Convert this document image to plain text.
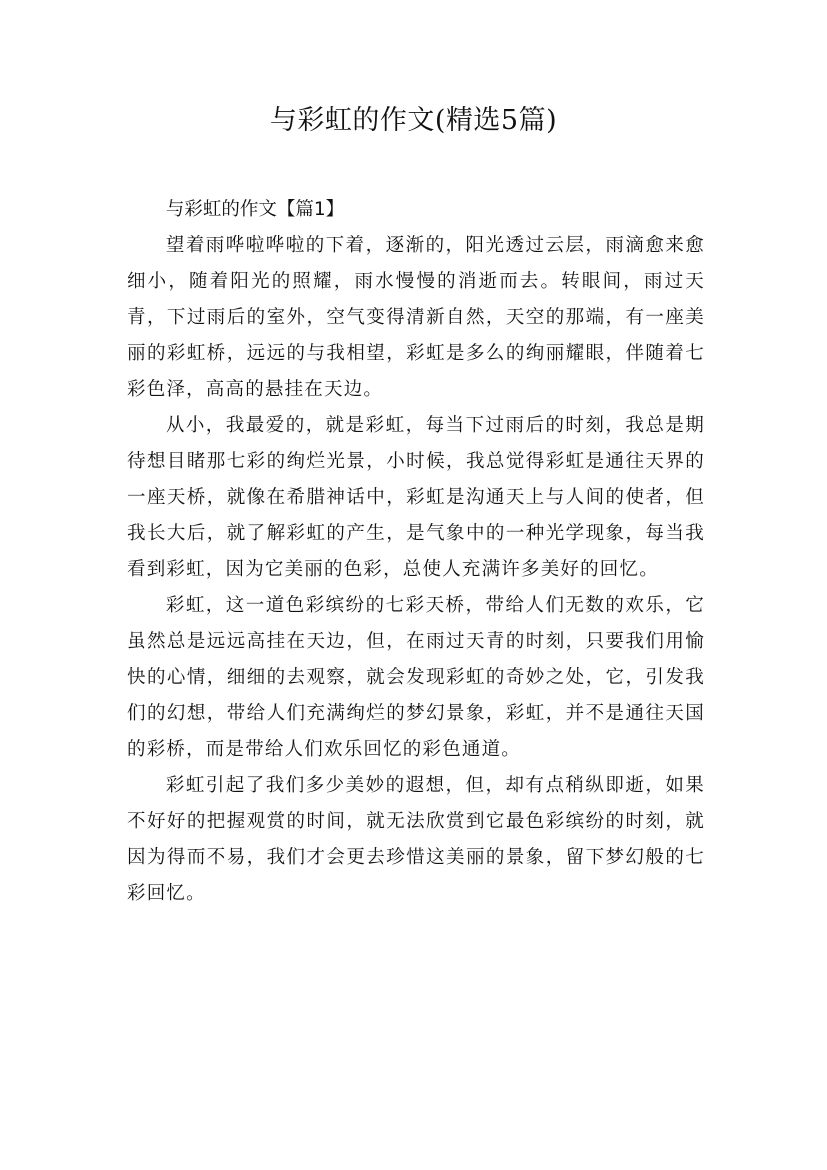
与彩虹的作文(精选5篇)

与彩虹的作文【篇1】

望着雨哗啦哗啦的下着，逐渐的，阳光透过云层，雨滴愈来愈细小，随着阳光的照耀，雨水慢慢的消逝而去。转眼间，雨过天青，下过雨后的室外，空气变得清新自然，天空的那端，有一座美丽的彩虹桥，远远的与我相望，彩虹是多么的绚丽耀眼，伴随着七彩色泽，高高的悬挂在天边。

从小，我最爱的，就是彩虹，每当下过雨后的时刻，我总是期待想目睹那七彩的绚烂光景，小时候，我总觉得彩虹是通往天界的一座天桥，就像在希腊神话中，彩虹是沟通天上与人间的使者，但我长大后，就了解彩虹的产生，是气象中的一种光学现象，每当我看到彩虹，因为它美丽的色彩，总使人充满许多美好的回忆。

彩虹，这一道色彩缤纷的七彩天桥，带给人们无数的欢乐，它虽然总是远远高挂在天边，但，在雨过天青的时刻，只要我们用愉快的心情，细细的去观察，就会发现彩虹的奇妙之处，它，引发我们的幻想，带给人们充满绚烂的梦幻景象，彩虹，并不是通往天国的彩桥，而是带给人们欢乐回忆的彩色通道。

彩虹引起了我们多少美妙的遐想，但，却有点稍纵即逝，如果不好好的把握观赏的时间，就无法欣赏到它最色彩缤纷的时刻，就因为得而不易，我们才会更去珍惜这美丽的景象，留下梦幻般的七彩回忆。
